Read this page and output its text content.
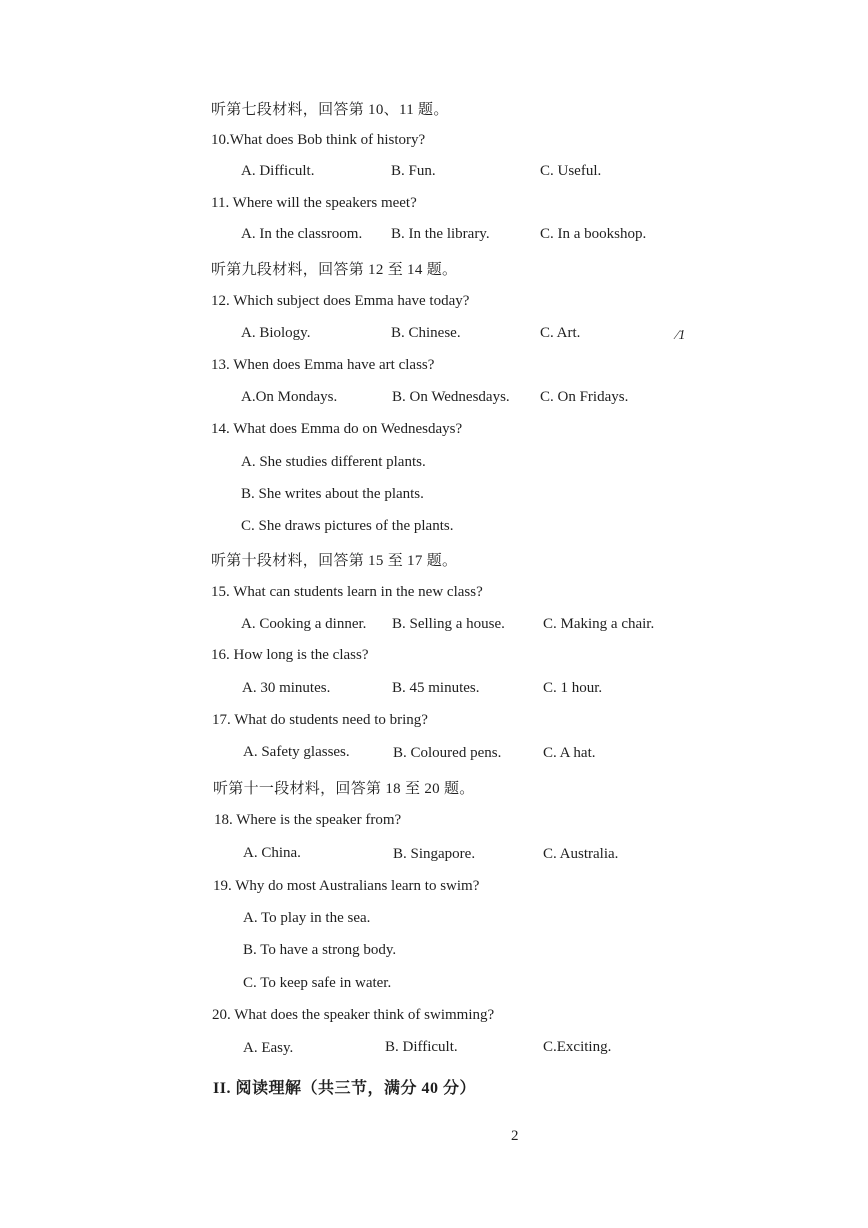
听第七段材料，回答第 10、11 题。
10.What does Bob think of history?
A. Difficult.	B. Fun.	C. Useful.
11. Where will the speakers meet?
A. In the classroom. B. In the library.	C. In a bookshop.
听第九段材料，回答第 12 至 14 题。
12. Which subject does Emma have today?
A. Biology.	B. Chinese.	C. Art.	⁄1
13. When does Emma have art class?
A.On Mondays.	B. On Wednesdays. C. On Fridays.
14. What does Emma do on Wednesdays?
A. She studies different plants.
B. She writes about the plants.
C. She draws pictures of the plants.
听第十段材料，回答第 15 至 17 题。
15. What can students learn in the new class?
A. Cooking a dinner. B. Selling a house.	C. Making a chair.
16. How long is the class?
A. 30 minutes.	B. 45 minutes.	C. 1 hour.
17. What do students need to bring?
A. Safety glasses.	B. Coloured pens.	C. A hat.
听第十一段材料，回答第 18 至 20 题。
18. Where is the speaker from?
A. China.	B. Singapore.	C. Australia.
19. Why do most Australians learn to swim?
A. To play in the sea.
B. To have a strong body.
C. To keep safe in water.
20. What does the speaker think of swimming?
A. Easy.	B. Difficult.	C.Exciting.
II. 阅读理解（共三节，满分 40 分）
2
